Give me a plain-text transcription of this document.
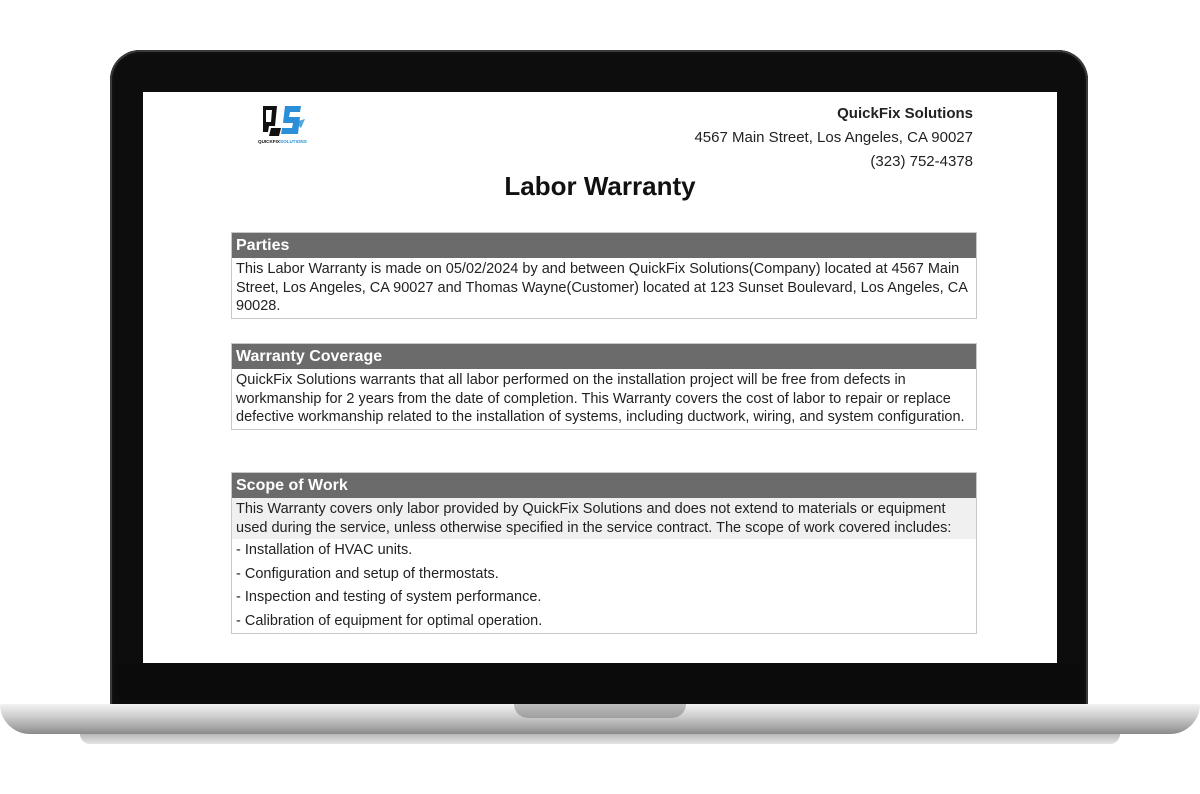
QUICKFIX SOLUTIONS
QuickFix Solutions
4567 Main Street, Los Angeles, CA 90027
(323) 752-4378
Labor Warranty
Parties
This Labor Warranty is made on 05/02/2024 by and between QuickFix Solutions(Company) located at 4567 Main Street, Los Angeles, CA 90027 and Thomas Wayne(Customer) located at 123 Sunset Boulevard, Los Angeles, CA 90028.
Warranty Coverage
QuickFix Solutions warrants that all labor performed on the installation project will be free from defects in workmanship for 2 years from the date of completion. This Warranty covers the cost of labor to repair or replace defective workmanship related to the installation of systems, including ductwork, wiring, and system configuration.
Scope of Work
This Warranty covers only labor provided by QuickFix Solutions and does not extend to materials or equipment used during the service, unless otherwise specified in the service contract. The scope of work covered includes:
- Installation of HVAC units.
- Configuration and setup of thermostats.
- Inspection and testing of system performance.
- Calibration of equipment for optimal operation.
